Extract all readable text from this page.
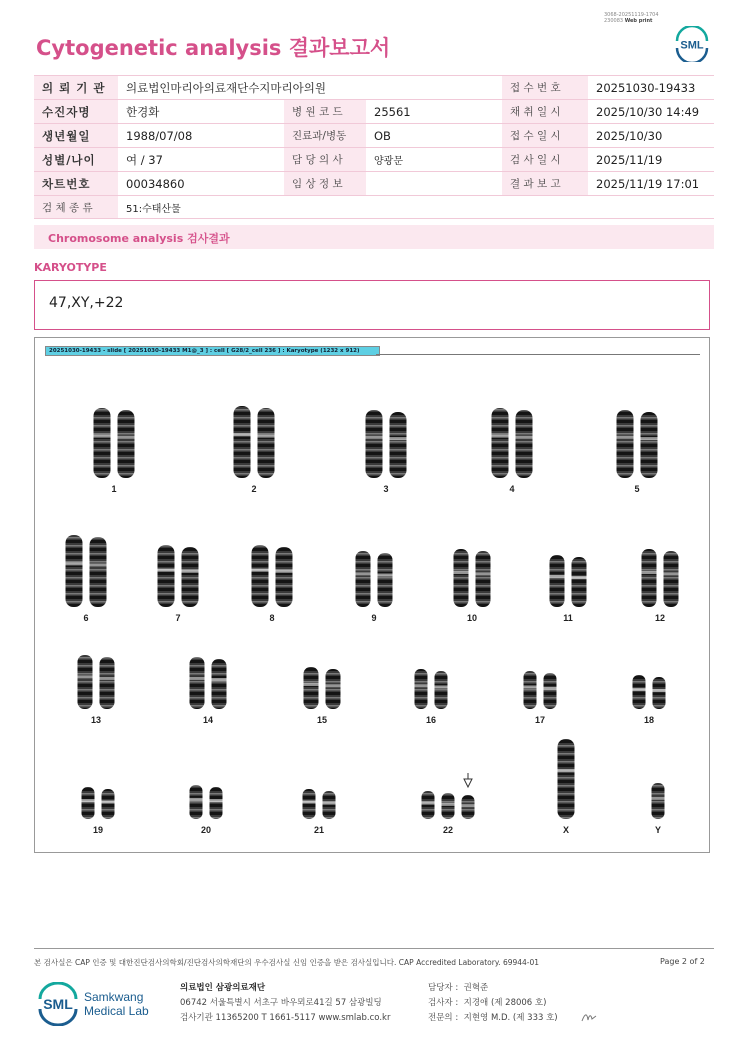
3068-20251119-1704
230083 Web print
Cytogenetic analysis 결과보고서	SML
의 뢰 기 관	의료법인마리아의료재단수지마리아의원			접 수 번 호	20251030-19433
수진자명	한경화	병 원 코 드	25561	채 취 일 시	2025/10/30 14:49
생년월일	1988/07/08	진료과/병동	OB	접 수 일 시	2025/10/30
성별/나이	여 / 37	담 당 의 사	양광문	검 사 일 시	2025/11/19
차트번호	00034860	임 상 정 보		결 과 보 고	2025/11/19 17:01
검 체 종 류	51:수태산물				
Chromosome analysis 검사결과
KARYOTYPE
47,XY,+22
20251030-19433 - slide [ 20251030-19433 M1@_3 ] : cell [ G28/2_cell 236 ] : Karyotype (1232 x 912)
1	2	3	4	5
6	7	8	9	10	11	12
13	14	15	16	17	18
19	20	21	22	X	Y
본 검사실은 CAP 인증 및 대한진단검사의학회/진단검사의학재단의 우수검사실 신임 인증을 받은 검사실입니다. CAP Accredited Laboratory. 69944-01	Page 2 of 2
SML Samkwang
Medical Lab
의료법인 삼광의료재단
06742 서울특별시 서초구 바우뫼로41길 57 삼광빌딩
검사기관 11365200 T 1661-5117 www.smlab.co.kr
담당자 : 권혁준
검사자 : 지경애 (제 28006 호)
전문의 : 지현영 M.D. (제 333 호)
